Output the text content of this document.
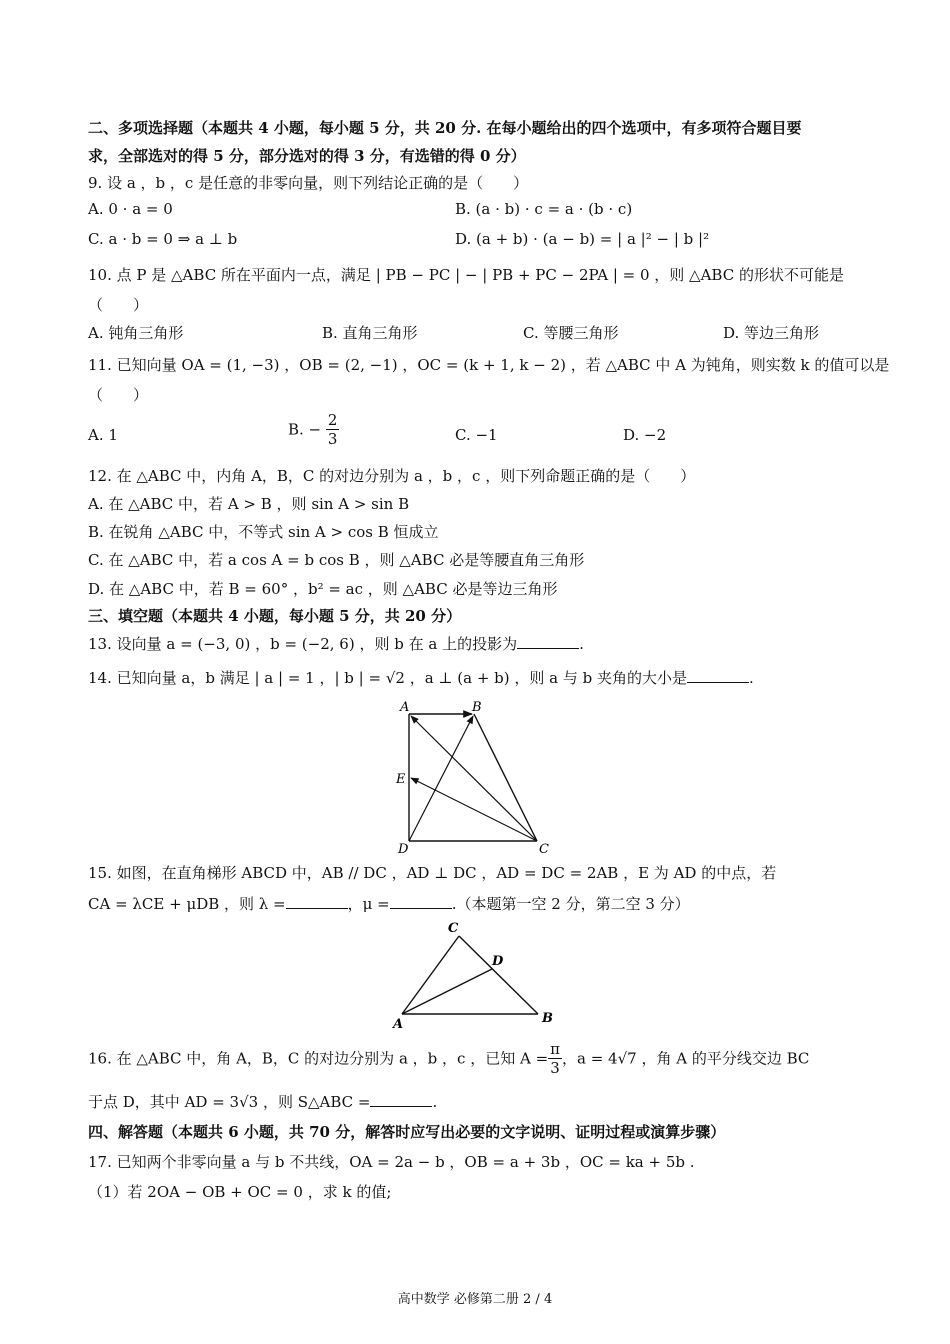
二、多项选择题（本题共 4 小题，每小题 5 分，共 20 分. 在每小题给出的四个选项中，有多项符合题目要
求，全部选对的得 5 分，部分选对的得 3 分，有选错的得 0 分）
9. 设 a ，b ，c 是任意的非零向量，则下列结论正确的是（　　）
A. 0 · a = 0	B. (a · b) · c = a · (b · c)
C. a · b = 0 ⇒ a ⊥ b	D. (a + b) · (a − b) = | a |² − | b |²
10. 点 P 是 △ABC 所在平面内一点，满足 | PB − PC | − | PB + PC − 2PA | = 0 ，则 △ABC 的形状不可能是
（　　）
A. 钝角三角形	B. 直角三角形	C. 等腰三角形	D. 等边三角形
11. 已知向量 OA = (1, −3) ，OB = (2, −1) ，OC = (k + 1, k − 2) ，若 △ABC 中 A 为钝角，则实数 k 的值可以是
（　　）
A. 1	B. − $\frac{2}{3}$	C. −1	D. −2
12. 在 △ABC 中，内角 A，B，C 的对边分别为 a ，b ，c ，则下列命题正确的是（　　）
A. 在 △ABC 中，若 A > B ，则 sin A > sin B
B. 在锐角 △ABC 中，不等式 sin A > cos B 恒成立
C. 在 △ABC 中，若 a cos A = b cos B ，则 △ABC 必是等腰直角三角形
D. 在 △ABC 中，若 B = 60° ，b² = ac ，则 △ABC 必是等边三角形
三、填空题（本题共 4 小题，每小题 5 分，共 20 分）
13. 设向量 a = (−3, 0) ，b = (−2, 6) ，则 b 在 a 上的投影为	.
14. 已知向量 a，b 满足 | a | = 1 ，| b | = √2 ，a ⊥ (a + b) ，则 a 与 b 夹角的大小是	.
A	B
E
D	C
15. 如图，在直角梯形 ABCD 中，AB // DC ，AD ⊥ DC ，AD = DC = 2AB ，E 为 AD 的中点，若
CA = λCE + μDB ，则 λ =	，μ =	.（本题第一空 2 分，第二空 3 分）
C
D
A	B
16. 在 △ABC 中，角 A，B，C 的对边分别为 a ，b ，c ，已知 $A = \frac{\pi}{3}$ ，a = 4√7 ，角 A 的平分线交边 BC
于点 D，其中 AD = 3√3 ，则 S△ABC =	.
四、解答题（本题共 6 小题，共 70 分，解答时应写出必要的文字说明、证明过程或演算步骤）
17. 已知两个非零向量 a 与 b 不共线，OA = 2a − b ，OB = a + 3b ，OC = ka + 5b .
（1）若 2OA − OB + OC = 0 ，求 k 的值;
高中数学 必修第二册 2 / 4
